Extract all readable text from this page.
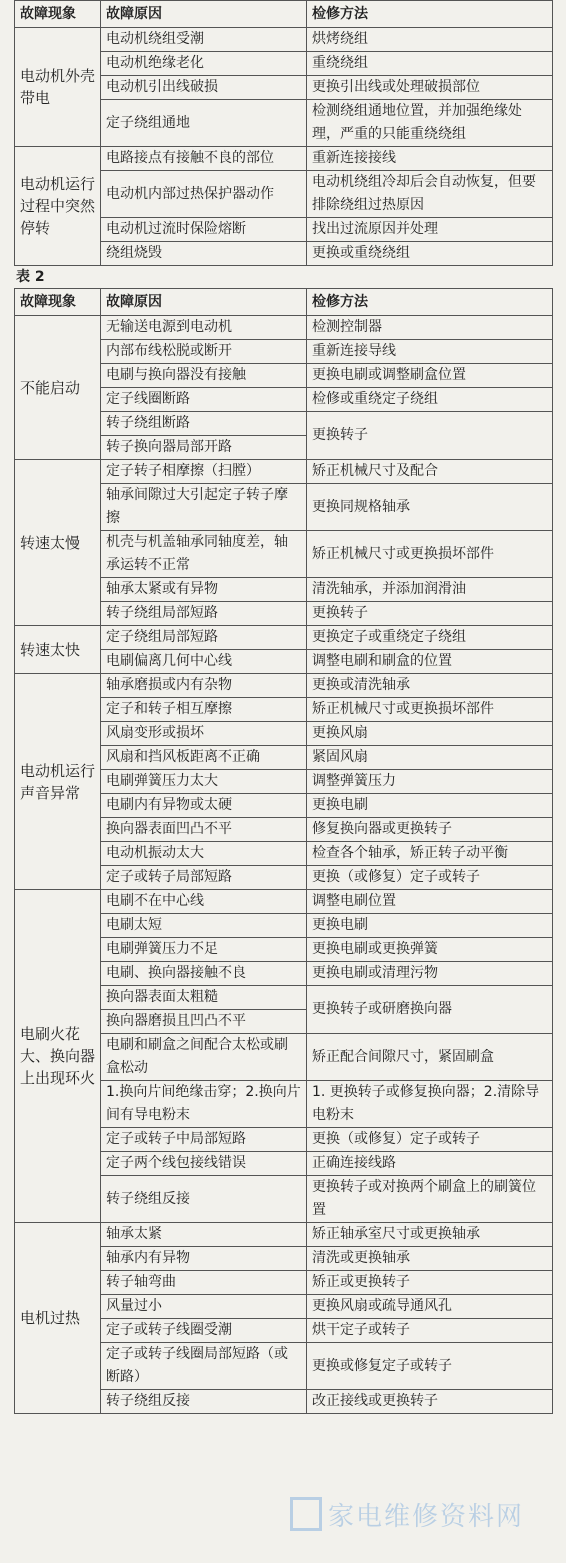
故障现象	故障原因	检修方法
电动机外壳带电	电动机绕组受潮	烘烤绕组
	电动机绝缘老化	重绕绕组
	电动机引出线破损	更换引出线或处理破损部位
	定子绕组通地	检测绕组通地位置，并加强绝缘处理，严重的只能重绕绕组
电动机运行过程中突然停转	电路接点有接触不良的部位	重新连接接线
	电动机内部过热保护器动作	电动机绕组冷却后会自动恢复，但要排除绕组过热原因
	电动机过流时保险熔断	找出过流原因并处理
	绕组烧毁	更换或重绕绕组
表 2
故障现象	故障原因	检修方法
不能启动	无输送电源到电动机	检测控制器
	内部布线松脱或断开	重新连接导线
	电刷与换向器没有接触	更换电刷或调整刷盒位置
	定子线圈断路	检修或重绕定子绕组
	转子绕组断路	更换转子
	转子换向器局部开路	
转速太慢	定子转子相摩擦（扫膛）	矫正机械尺寸及配合
	轴承间隙过大引起定子转子摩擦	更换同规格轴承
	机壳与机盖轴承同轴度差，轴承运转不正常	矫正机械尺寸或更换损坏部件
	轴承太紧或有异物	清洗轴承，并添加润滑油
	转子绕组局部短路	更换转子
转速太快	定子绕组局部短路	更换定子或重绕定子绕组
	电刷偏离几何中心线	调整电刷和刷盒的位置
电动机运行声音异常	轴承磨损或内有杂物	更换或清洗轴承
	定子和转子相互摩擦	矫正机械尺寸或更换损坏部件
	风扇变形或损坏	更换风扇
	风扇和挡风板距离不正确	紧固风扇
	电刷弹簧压力太大	调整弹簧压力
	电刷内有异物或太硬	更换电刷
	换向器表面凹凸不平	修复换向器或更换转子
	电动机振动太大	检查各个轴承，矫正转子动平衡
	定子或转子局部短路	更换（或修复）定子或转子
电刷火花大、换向器上出现环火	电刷不在中心线	调整电刷位置
	电刷太短	更换电刷
	电刷弹簧压力不足	更换电刷或更换弹簧
	电刷、换向器接触不良	更换电刷或清理污物
	换向器表面太粗糙	更换转子或研磨换向器
	换向器磨损且凹凸不平	
	电刷和刷盒之间配合太松或刷盒松动	矫正配合间隙尺寸，紧固刷盒
	1.换向片间绝缘击穿；2.换向片间有导电粉末	1. 更换转子或修复换向器；2.清除导电粉末
	定子或转子中局部短路	更换（或修复）定子或转子
	定子两个线包接线错误	正确连接线路
	转子绕组反接	更换转子或对换两个刷盒上的刷簧位置
电机过热	轴承太紧	矫正轴承室尺寸或更换轴承
	轴承内有异物	清洗或更换轴承
	转子轴弯曲	矫正或更换转子
	风量过小	更换风扇或疏导通风孔
	定子或转子线圈受潮	烘干定子或转子
	定子或转子线圈局部短路（或断路）	更换或修复定子或转子
	转子绕组反接	改正接线或更换转子
家电维修资料网
